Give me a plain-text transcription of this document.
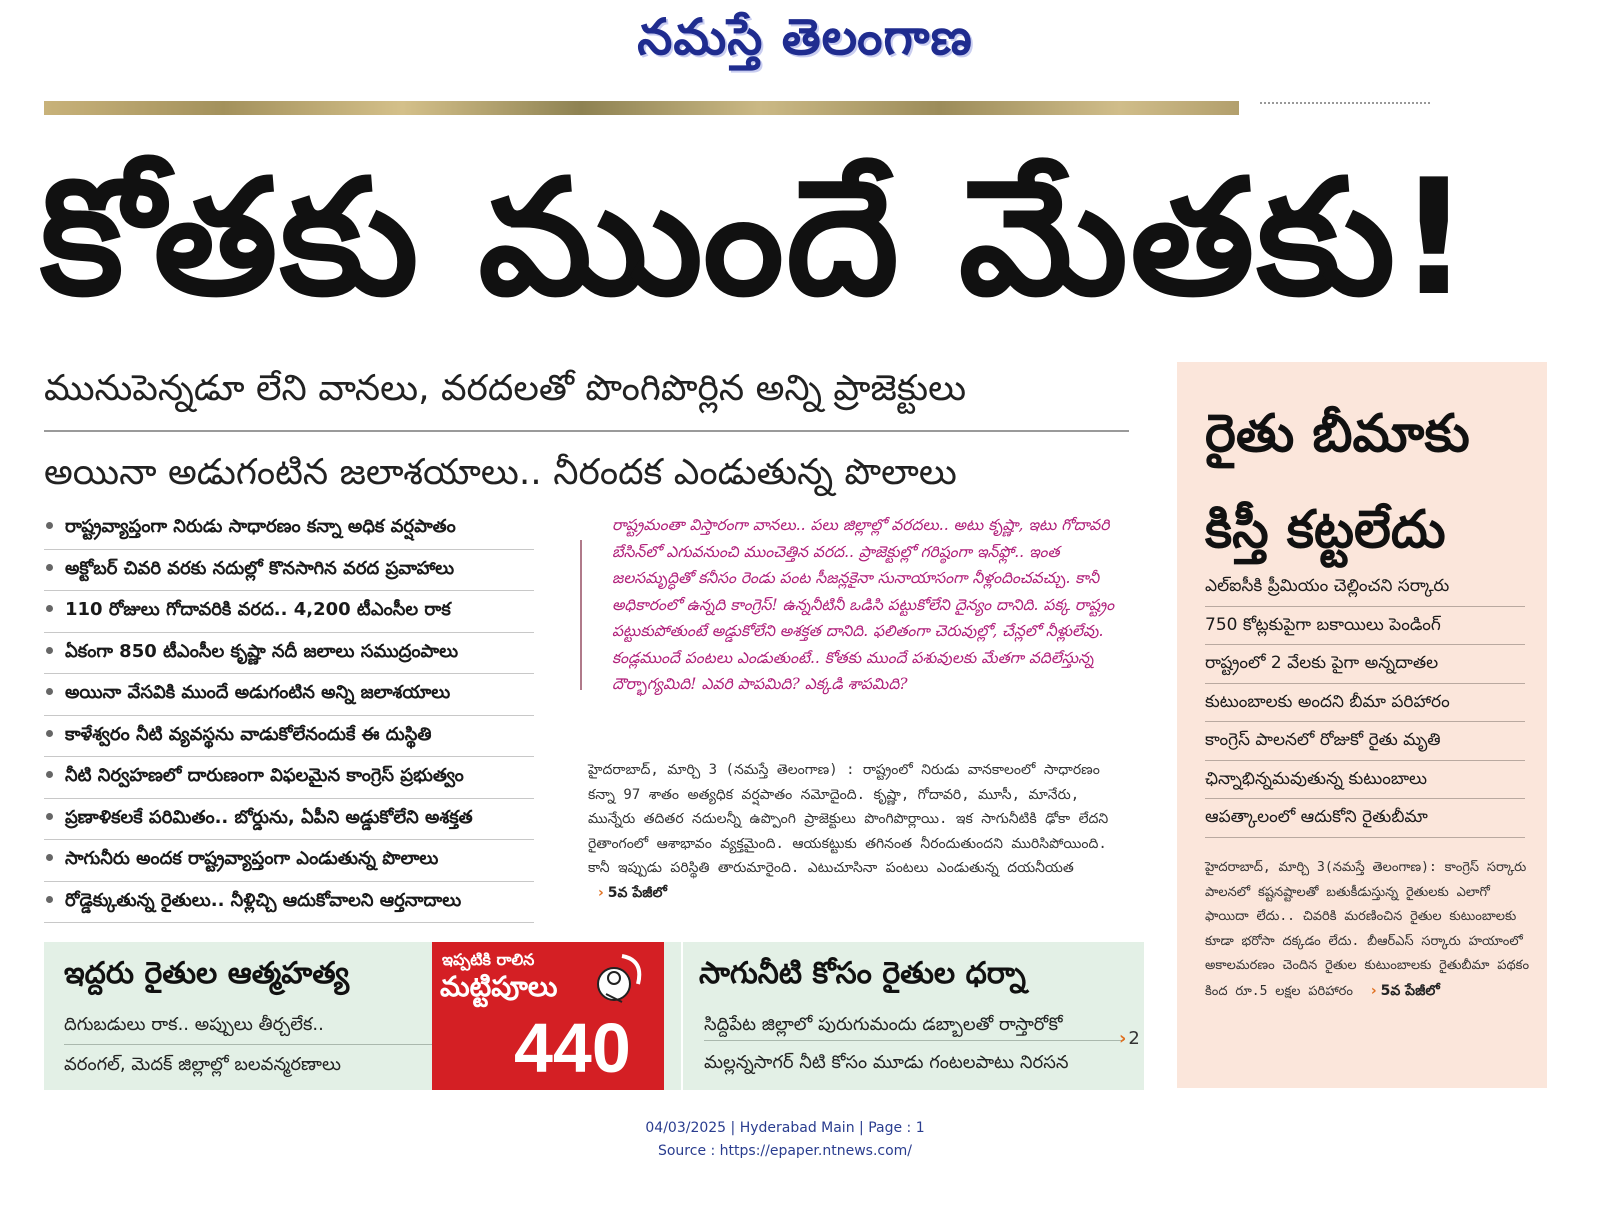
నమస్తే తెలంగాణ
కోతకు ముందే మేతకు!
మునుపెన్నడూ లేని వానలు, వరదలతో పొంగిపొర్లిన అన్ని ప్రాజెక్టులు
అయినా అడుగంటిన జలాశయాలు.. నీరందక ఎండుతున్న పొలాలు
రాష్ట్రవ్యాప్తంగా నిరుడు సాధారణం కన్నా అధిక వర్షపాతం
అక్టోబర్ చివరి వరకు నదుల్లో కొనసాగిన వరద ప్రవాహాలు
110 రోజులు గోదావరికి వరద.. 4,200 టీఎంసీల రాక
ఏకంగా 850 టీఎంసీల కృష్ణా నదీ జలాలు సముద్రంపాలు
అయినా వేసవికి ముందే అడుగంటిన అన్ని జలాశయాలు
కాళేశ్వరం నీటి వ్యవస్థను వాడుకోలేనందుకే ఈ దుస్థితి
నీటి నిర్వహణలో దారుణంగా విఫలమైన కాంగ్రెస్ ప్రభుత్వం
ప్రణాళికలకే పరిమితం.. బోర్డును, ఏపీని అడ్డుకోలేని అశక్తత
సాగునీరు అందక రాష్ట్రవ్యాప్తంగా ఎండుతున్న పొలాలు
రోడ్డెక్కుతున్న రైతులు.. నీళ్లిచ్చి ఆదుకోవాలని ఆర్తనాదాలు
రాష్ట్రమంతా విస్తారంగా వానలు.. పలు జిల్లాల్లో వరదలు.. అటు కృష్ణా, ఇటు గోదావరి బేసిన్‌లో ఎగువనుంచి ముంచెత్తిన వరద.. ప్రాజెక్టుల్లో గరిష్ఠంగా ఇన్‌ఫ్లో.. ఇంత జలసమృద్ధితో కనీసం రెండు పంట సీజన్లకైనా సునాయాసంగా నీళ్లందించవచ్చు. కానీ అధికారంలో ఉన్నది కాంగ్రెస్! ఉన్ననీటినీ ఒడిసి పట్టుకోలేని దైన్యం దానిది. పక్క రాష్ట్రం పట్టుకుపోతుంటే అడ్డుకోలేని అశక్తత దానిది. ఫలితంగా చెరువుల్లో, చేన్లలో నీళ్లులేవు. కండ్లముందే పంటలు ఎండుతుంటే.. కోతకు ముందే పశువులకు మేతగా వదిలేస్తున్న దౌర్భాగ్యమిది! ఎవరి పాపమిది? ఎక్కడి శాపమిది?
హైదరాబాద్, మార్చి 3 (నమస్తే తెలంగాణ) : రాష్ట్రంలో నిరుడు వానకాలంలో సాధారణం కన్నా 97 శాతం అత్యధిక వర్షపాతం నమోదైంది. కృష్ణా, గోదావరి, మూసీ, మానేరు, మున్నేరు తదితర నదులన్నీ ఉప్పొంగి ప్రాజెక్టులు పొంగిపొర్లాయి. ఇక సాగునీటికి ఢోకా లేదని రైతాంగంలో ఆశాభావం వ్యక్తమైంది. ఆయకట్టుకు తగినంత నీరందుతుందని మురిసిపోయింది. కానీ ఇప్పుడు పరిస్థితి తారుమారైంది. ఎటుచూసినా పంటలు ఎండుతున్న దయనీయత › 5వ పేజీలో
రైతు బీమాకు కిస్తీ కట్టలేదు
ఎల్ఐసీకి ప్రీమియం చెల్లించని సర్కారు
750 కోట్లకుపైగా బకాయిలు పెండింగ్
రాష్ట్రంలో 2 వేలకు పైగా అన్నదాతల
కుటుంబాలకు అందని బీమా పరిహారం
కాంగ్రెస్ పాలనలో రోజుకో రైతు మృతి
ఛిన్నాభిన్నమవుతున్న కుటుంబాలు
ఆపత్కాలంలో ఆదుకోని రైతుబీమా
హైదరాబాద్, మార్చి 3(నమస్తే తెలంగాణ): కాంగ్రెస్ సర్కారు పాలనలో కష్టనష్టాలతో బతుకీడుస్తున్న రైతులకు ఎలాగో ఫాయిదా లేదు.. చివరికి మరణించిన రైతుల కుటుంబాలకు కూడా భరోసా దక్కడం లేదు. బీఆర్ఎస్ సర్కారు హయాంలో అకాలమరణం చెందిన రైతుల కుటుంబాలకు రైతుబీమా పథకం కింద రూ.5 లక్షల పరిహారం › 5వ పేజీలో
ఇద్దరు రైతుల ఆత్మహత్య
దిగుబడులు రాక.. అప్పులు తీర్చలేక..
వరంగల్, మెదక్ జిల్లాల్లో బలవన్మరణాలు
సాగునీటి కోసం రైతుల ధర్నా
సిద్దిపేట జిల్లాలో పురుగుమందు డబ్బాలతో రాస్తారోకో
మల్లన్నసాగర్ నీటి కోసం మూడు గంటలపాటు నిరసన
› 2
ఇప్పటికి రాలిన
మట్టిపూలు
440
04/03/2025 | Hyderabad Main | Page : 1
Source : https://epaper.ntnews.com/
